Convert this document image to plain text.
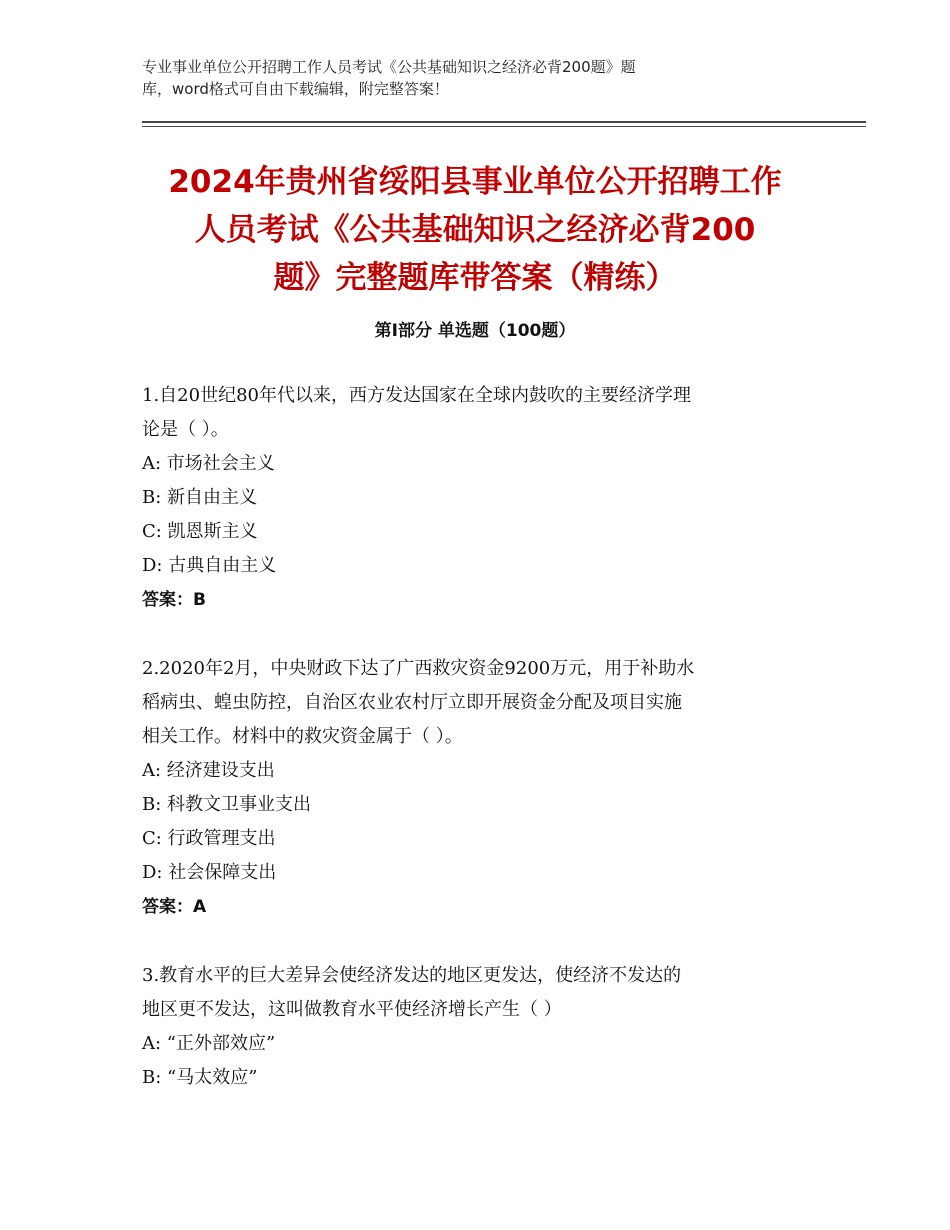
专业事业单位公开招聘工作人员考试《公共基础知识之经济必背200题》题
库，word格式可自由下载编辑，附完整答案！
2024年贵州省绥阳县事业单位公开招聘工作
人员考试《公共基础知识之经济必背200
题》完整题库带答案（精练）
第Ⅰ部分 单选题（100题）
1.自20世纪80年代以来，西方发达国家在全球内鼓吹的主要经济学理
论是（ ）。
A: 市场社会主义
B: 新自由主义
C: 凯恩斯主义
D: 古典自由主义
答案：B
2.2020年2月，中央财政下达了广西救灾资金9200万元，用于补助水
稻病虫、蝗虫防控，自治区农业农村厅立即开展资金分配及项目实施
相关工作。材料中的救灾资金属于（ ）。
A: 经济建设支出
B: 科教文卫事业支出
C: 行政管理支出
D: 社会保障支出
答案：A
3.教育水平的巨大差异会使经济发达的地区更发达，使经济不发达的
地区更不发达，这叫做教育水平使经济增长产生（ ）
A: “正外部效应”
B: “马太效应”
